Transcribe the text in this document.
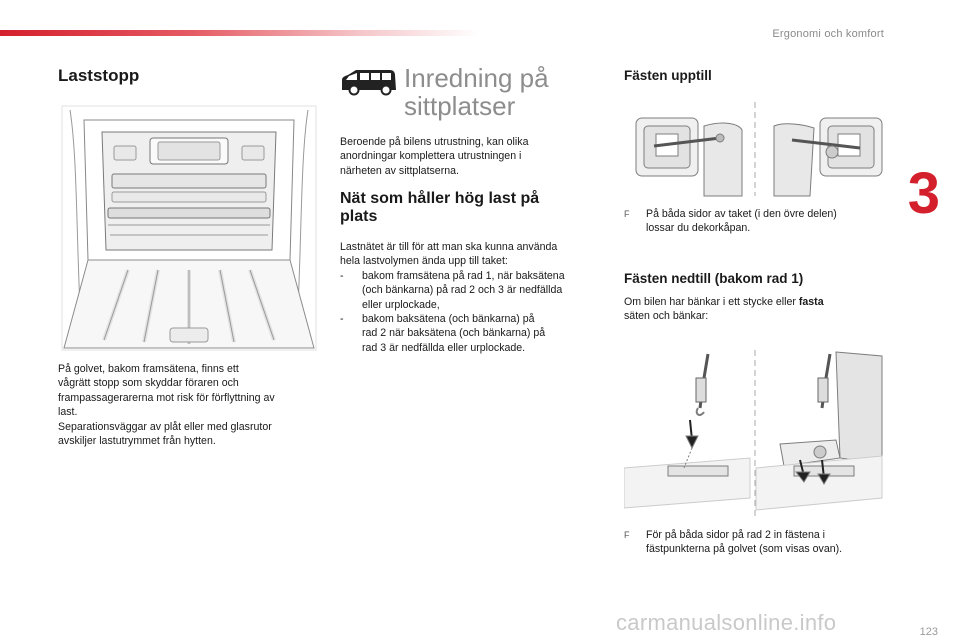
Ergonomi och komfort
3
Laststopp

På golvet, bakom framsätena, finns ett

vågrätt stopp som skyddar föraren och

frampassagerarerna mot risk för förflyttning av

last.

Separationsväggar av plåt eller med glasrutor

avskiljer lastutrymmet från hytten.

Inredning på
sittplatser

Beroende på bilens utrustning, kan olika

anordningar komplettera utrustningen i

närheten av sittplatserna.

Nät som håller hög last på
plats

Lastnätet är till för att man ska kunna använda

hela lastvolymen ända upp till taket:

-	bakom framsätena på rad 1, när baksätena

(och bänkarna) på rad 2 och 3 är nedfällda

eller urplockade,

-	bakom baksätena (och bänkarna) på

rad 2 när baksätena (och bänkarna) på

rad 3 är nedfällda eller urplockade.

Fästen upptill
F	På båda sidor av taket (i den övre delen)

lossar du dekorkåpan.

Fästen nedtill (bakom rad 1)

Om bilen har bänkar i ett stycke eller fasta

säten och bänkar:

F	För på båda sidor på rad 2 in fästena i

fästpunkterna på golvet (som visas ovan).

carmanualsonline.info	123
